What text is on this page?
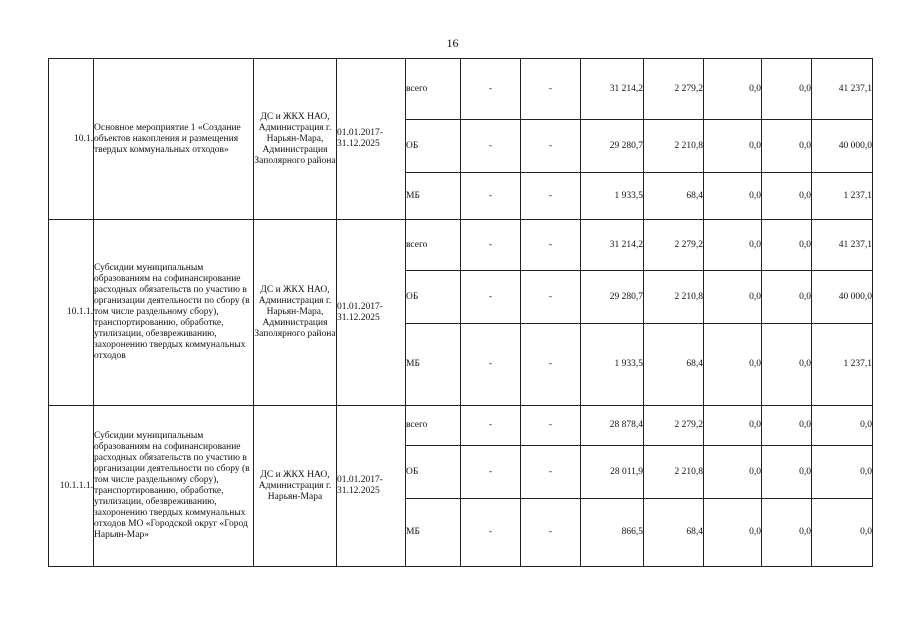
16
10.1.	Основное мероприятие 1 «Создание объектов накопления и размещения твердых коммунальных отходов»	ДС и ЖКХ НАО, Администрация г. Нарьян-Мара, Администрация Заполярного района	01.01.2017-31.12.2025	всего	-	-	31 214,2	2 279,2	0,0	0,0	41 237,1
				ОБ	-	-	29 280,7	2 210,8	0,0	0,0	40 000,0
				МБ	-	-	1 933,5	68,4	0,0	0,0	1 237,1
10.1.1.	Субсидии муниципальным образованиям на софинансирование расходных обязательств по участию в организации деятельности по сбору (в том числе раздельному сбору), транспортированию, обработке, утилизации, обезвреживанию, захоронению твердых коммунальных отходов	ДС и ЖКХ НАО, Администрация г. Нарьян-Мара, Администрация Заполярного района	01.01.2017-31.12.2025	всего	-	-	31 214,2	2 279,2	0,0	0,0	41 237,1
				ОБ	-	-	29 280,7	2 210,8	0,0	0,0	40 000,0
				МБ	-	-	1 933,5	68,4	0,0	0,0	1 237,1
10.1.1.1.	Субсидии муниципальным образованиям на софинансирование расходных обязательств по участию в организации деятельности по сбору (в том числе раздельному сбору), транспортированию, обработке, утилизации, обезвреживанию, захоронению твердых коммунальных отходов МО «Городской округ «Город Нарьян-Мар»	ДС и ЖКХ НАО, Администрация г. Нарьян-Мара	01.01.2017-31.12.2025	всего	-	-	28 878,4	2 279,2	0,0	0,0	0,0
				ОБ	-	-	28 011,9	2 210,8	0,0	0,0	0,0
				МБ	-	-	866,5	68,4	0,0	0,0	0,0
